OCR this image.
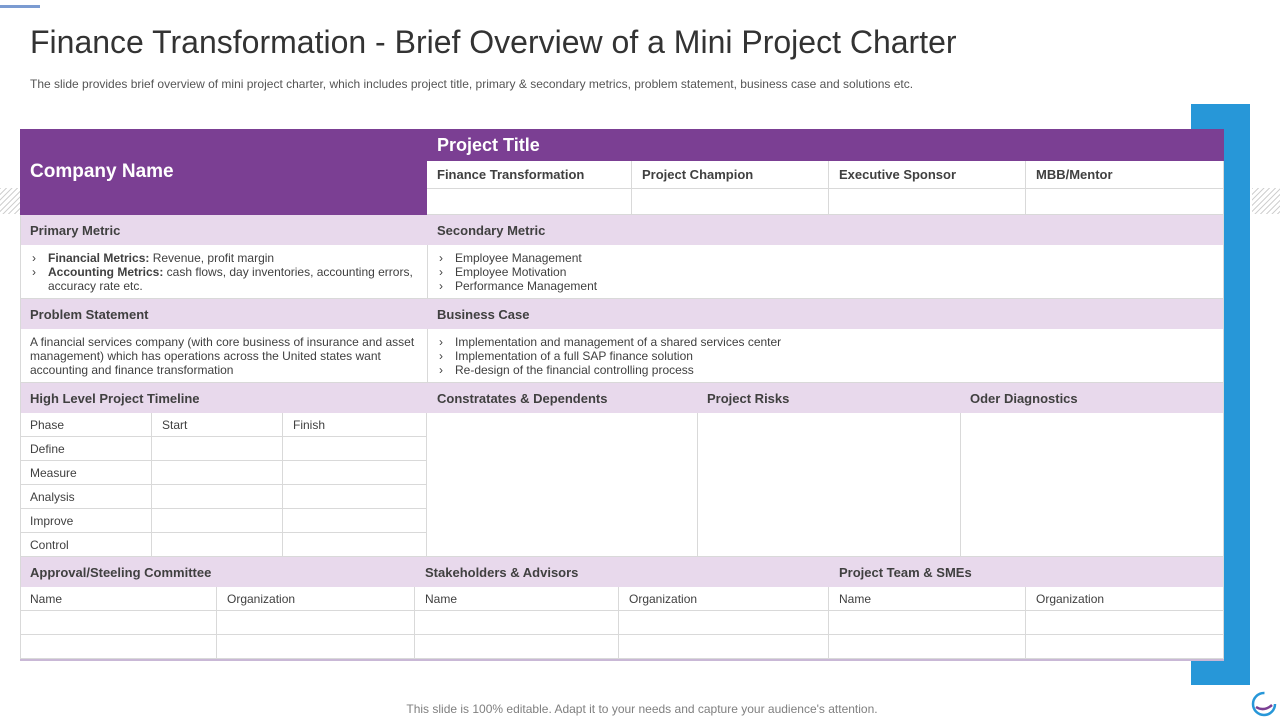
Finance Transformation - Brief Overview of a Mini Project Charter
The slide provides brief overview of mini project charter, which includes project title, primary & secondary metrics, problem statement, business case and solutions etc.
Company Name
Project Title
Finance Transformation	Project Champion	Executive Sponsor	MBB/Mentor
Primary Metric	Secondary Metric
› Financial Metrics: Revenue, profit margin
› Accounting Metrics: cash flows, day inventories, accounting errors, accuracy rate etc.
› Employee Management
› Employee Motivation
› Performance Management
Problem Statement	Business Case
A financial services company (with core business of insurance and asset management) which has operations across the United states want accounting and finance transformation
› Implementation and management of a shared services center
› Implementation of a full SAP finance solution
› Re-design of the financial controlling process
High Level Project Timeline	Constratates & Dependents	Project Risks	Oder Diagnostics
Phase	Start	Finish
Define
Measure
Analysis
Improve
Control
Approval/Steeling Committee	Stakeholders & Advisors	Project Team & SMEs
Name	Organization	Name	Organization	Name	Organization
This slide is 100% editable. Adapt it to your needs and capture your audience's attention.
